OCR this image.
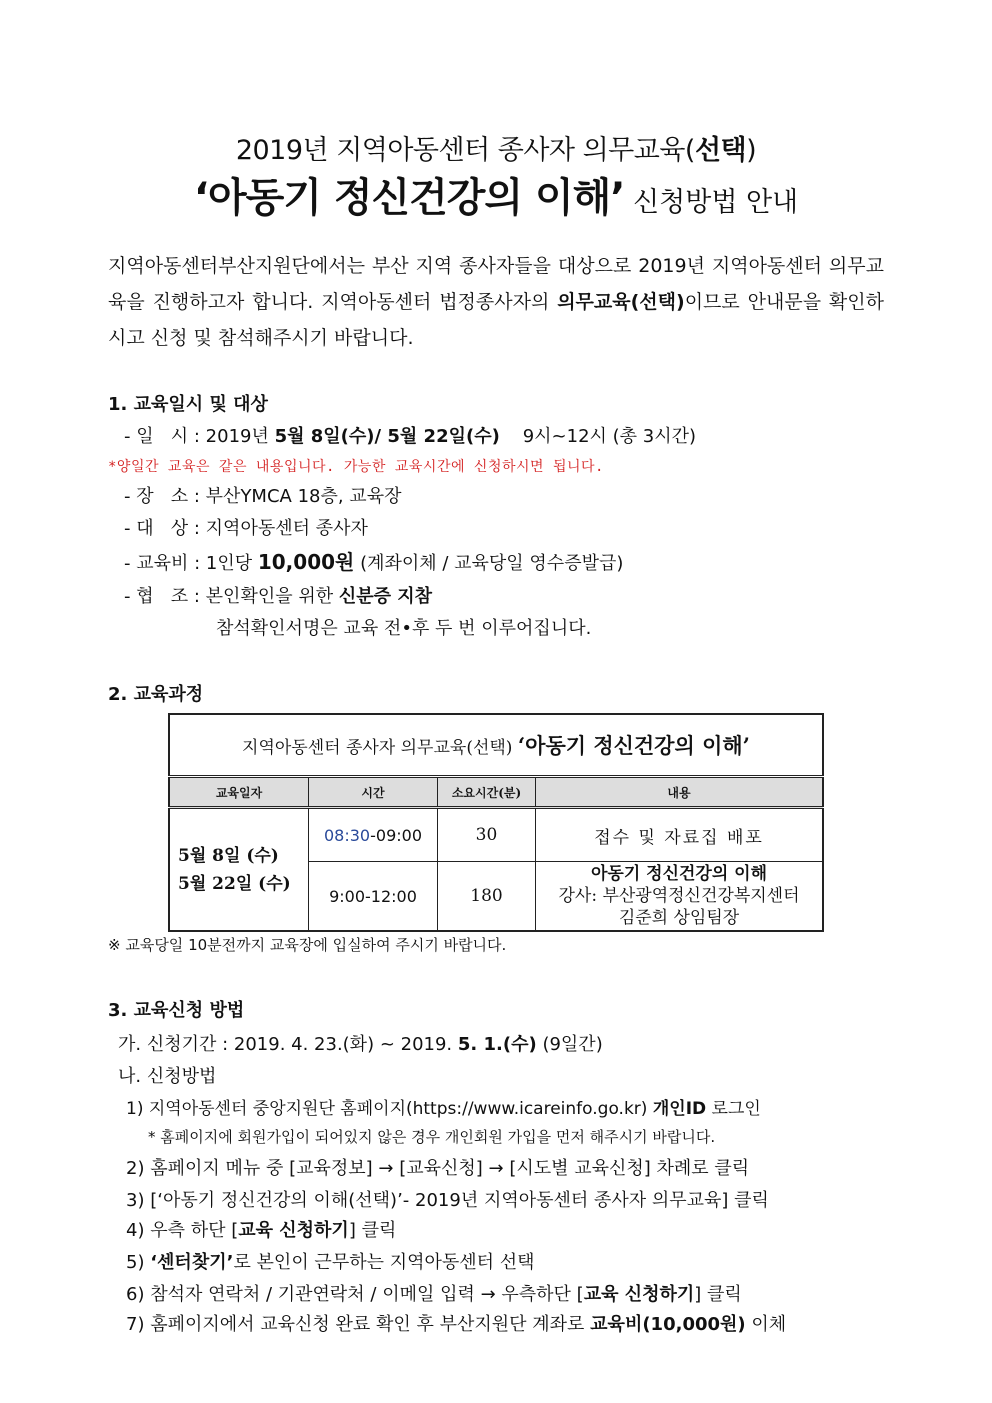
2019년 지역아동센터 종사자 의무교육(선택)
‘아동기 정신건강의 이해’ 신청방법 안내
지역아동센터부산지원단에서는 부산 지역 종사자들을 대상으로 2019년 지역아동센터 의무교육을 진행하고자 합니다. 지역아동센터 법정종사자의 의무교육(선택)이므로 안내문을 확인하시고 신청 및 참석해주시기 바랍니다.
1. 교육일시 및 대상
- 일   시 : 2019년 5월 8일(수)/ 5월 22일(수)    9시~12시 (총 3시간)
*양일간 교육은 같은 내용입니다. 가능한 교육시간에 신청하시면 됩니다.
- 장   소 : 부산YMCA 18층, 교육장
- 대   상 : 지역아동센터 종사자
- 교육비 : 1인당 10,000원 (계좌이체 / 교육당일 영수증발급)
- 협   조 : 본인확인을 위한 신분증 지참
참석확인서명은 교육 전•후 두 번 이루어집니다.
2. 교육과정
지역아동센터 종사자 의무교육(선택) ‘아동기 정신건강의 이해’			
교육일자	시간	소요시간(분)	내용

5월 8일 (수)
5월 22일 (수)	08:30-09:00	30	접수 및 자료집 배포
	9:00-12:00	180	아동기 정신건강의 이해
강사: 부산광역정신건강복지센터
김준희 상임팀장
※ 교육당일 10분전까지 교육장에 입실하여 주시기 바랍니다.
3. 교육신청 방법
가. 신청기간 : 2019. 4. 23.(화) ~ 2019. 5. 1.(수) (9일간)
나. 신청방법
1) 지역아동센터 중앙지원단 홈페이지(https://www.icareinfo.go.kr) 개인ID 로그인
* 홈페이지에 회원가입이 되어있지 않은 경우 개인회원 가입을 먼저 해주시기 바랍니다.
2) 홈페이지 메뉴 중 [교육정보] → [교육신청] → [시도별 교육신청] 차례로 클릭
3) [‘아동기 정신건강의 이해(선택)’- 2019년 지역아동센터 종사자 의무교육] 클릭
4) 우측 하단 [교육 신청하기] 클릭
5) ‘센터찾기’로 본인이 근무하는 지역아동센터 선택
6) 참석자 연락처 / 기관연락처 / 이메일 입력 → 우측하단 [교육 신청하기] 클릭
7) 홈페이지에서 교육신청 완료 확인 후 부산지원단 계좌로 교육비(10,000원) 이체
